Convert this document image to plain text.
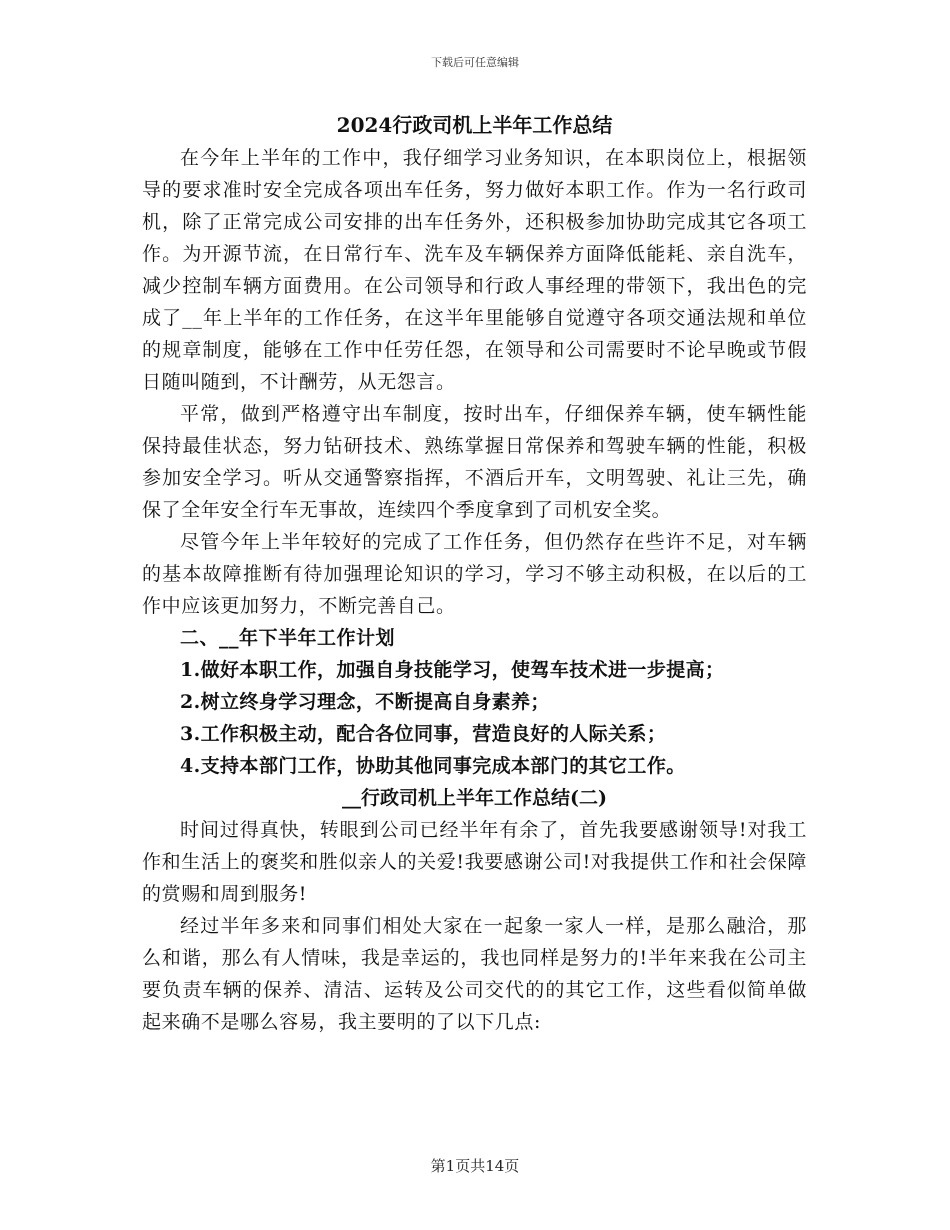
下载后可任意编辑
2024行政司机上半年工作总结

在今年上半年的工作中，我仔细学习业务知识，在本职岗位上，根据领导的要求准时安全完成各项出车任务，努力做好本职工作。作为一名行政司机，除了正常完成公司安排的出车任务外，还积极参加协助完成其它各项工作。为开源节流，在日常行车、洗车及车辆保养方面降低能耗、亲自洗车，减少控制车辆方面费用。在公司领导和行政人事经理的带领下，我出色的完成了__年上半年的工作任务，在这半年里能够自觉遵守各项交通法规和单位的规章制度，能够在工作中任劳任怨，在领导和公司需要时不论早晚或节假日随叫随到，不计酬劳，从无怨言。

平常，做到严格遵守出车制度，按时出车，仔细保养车辆，使车辆性能保持最佳状态，努力钻研技术、熟练掌握日常保养和驾驶车辆的性能，积极参加安全学习。听从交通警察指挥，不酒后开车，文明驾驶、礼让三先，确保了全年安全行车无事故，连续四个季度拿到了司机安全奖。

尽管今年上半年较好的完成了工作任务，但仍然存在些许不足，对车辆的基本故障推断有待加强理论知识的学习，学习不够主动积极，在以后的工作中应该更加努力，不断完善自己。

二、__年下半年工作计划

1.做好本职工作，加强自身技能学习，使驾车技术进一步提高；
2.树立终身学习理念，不断提高自身素养；
3.工作积极主动，配合各位同事，营造良好的人际关系；
4.支持本部门工作，协助其他同事完成本部门的其它工作。
__行政司机上半年工作总结(二)

时间过得真快，转眼到公司已经半年有余了，首先我要感谢领导!对我工作和生活上的褒奖和胜似亲人的关爱!我要感谢公司!对我提供工作和社会保障的赏赐和周到服务!

经过半年多来和同事们相处大家在一起象一家人一样，是那么融洽，那么和谐，那么有人情味，我是幸运的，我也同样是努力的!半年来我在公司主要负责车辆的保养、清洁、运转及公司交代的的其它工作，这些看似简单做起来确不是哪么容易，我主要明的了以下几点:

第1页共14页
